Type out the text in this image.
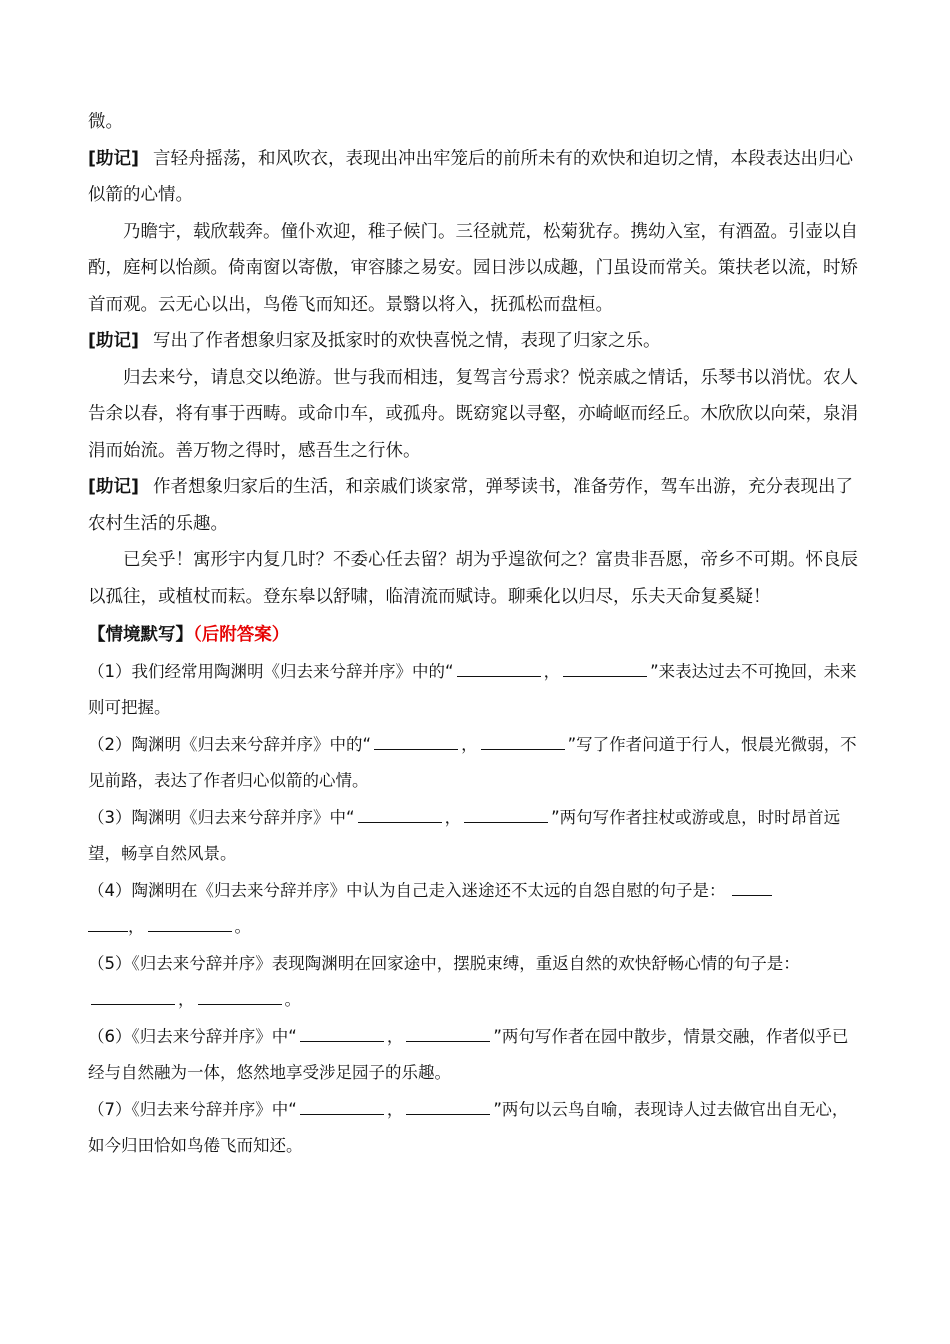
微。

[助记] 言轻舟摇荡，和风吹衣，表现出冲出牢笼后的前所未有的欢快和迫切之情，本段表达出归心似箭的心情。

乃瞻宇，载欣载奔。僮仆欢迎，稚子候门。三径就荒，松菊犹存。携幼入室，有酒盈。引壶以自酌，庭柯以怡颜。倚南窗以寄傲，审容膝之易安。园日涉以成趣，门虽设而常关。策扶老以流，时矫首而观。云无心以出，鸟倦飞而知还。景翳以将入，抚孤松而盘桓。

[助记] 写出了作者想象归家及抵家时的欢快喜悦之情，表现了归家之乐。

归去来兮，请息交以绝游。世与我而相违，复驾言兮焉求？悦亲戚之情话，乐琴书以消忧。农人告余以春，将有事于西畴。或命巾车，或孤舟。既窈窕以寻壑，亦崎岖而经丘。木欣欣以向荣，泉涓涓而始流。善万物之得时，感吾生之行休。

[助记] 作者想象归家后的生活，和亲戚们谈家常，弹琴读书，准备劳作，驾车出游，充分表现出了农村生活的乐趣。

已矣乎！寓形宇内复几时？不委心任去留？胡为乎遑欲何之？富贵非吾愿，帝乡不可期。怀良辰以孤往，或植杖而耘。登东皋以舒啸，临清流而赋诗。聊乘化以归尽，乐夫天命复奚疑！

【情境默写】（后附答案）

（1）我们经常用陶渊明《归去来兮辞并序》中的“	，	”来表达过去不可挽回，未来则可把握。

（2）陶渊明《归去来兮辞并序》中的“	，	”写了作者问道于行人，恨晨光微弱，不见前路，表达了作者归心似箭的心情。

（3）陶渊明《归去来兮辞并序》中“	，	”两句写作者拄杖或游或息，时时昂首远望，畅享自然风景。

（4）陶渊明在《归去来兮辞并序》中认为自己走入迷途还不太远的自怨自慰的句子是：
，	。

（5）《归去来兮辞并序》表现陶渊明在回家途中，摆脱束缚，重返自然的欢快舒畅心情的句子是：，	。

（6）《归去来兮辞并序》中“	，	”两句写作者在园中散步，情景交融，作者似乎已经与自然融为一体，悠然地享受涉足园子的乐趣。

（7）《归去来兮辞并序》中“	，	”两句以云鸟自喻，表现诗人过去做官出自无心，如今归田恰如鸟倦飞而知还。
